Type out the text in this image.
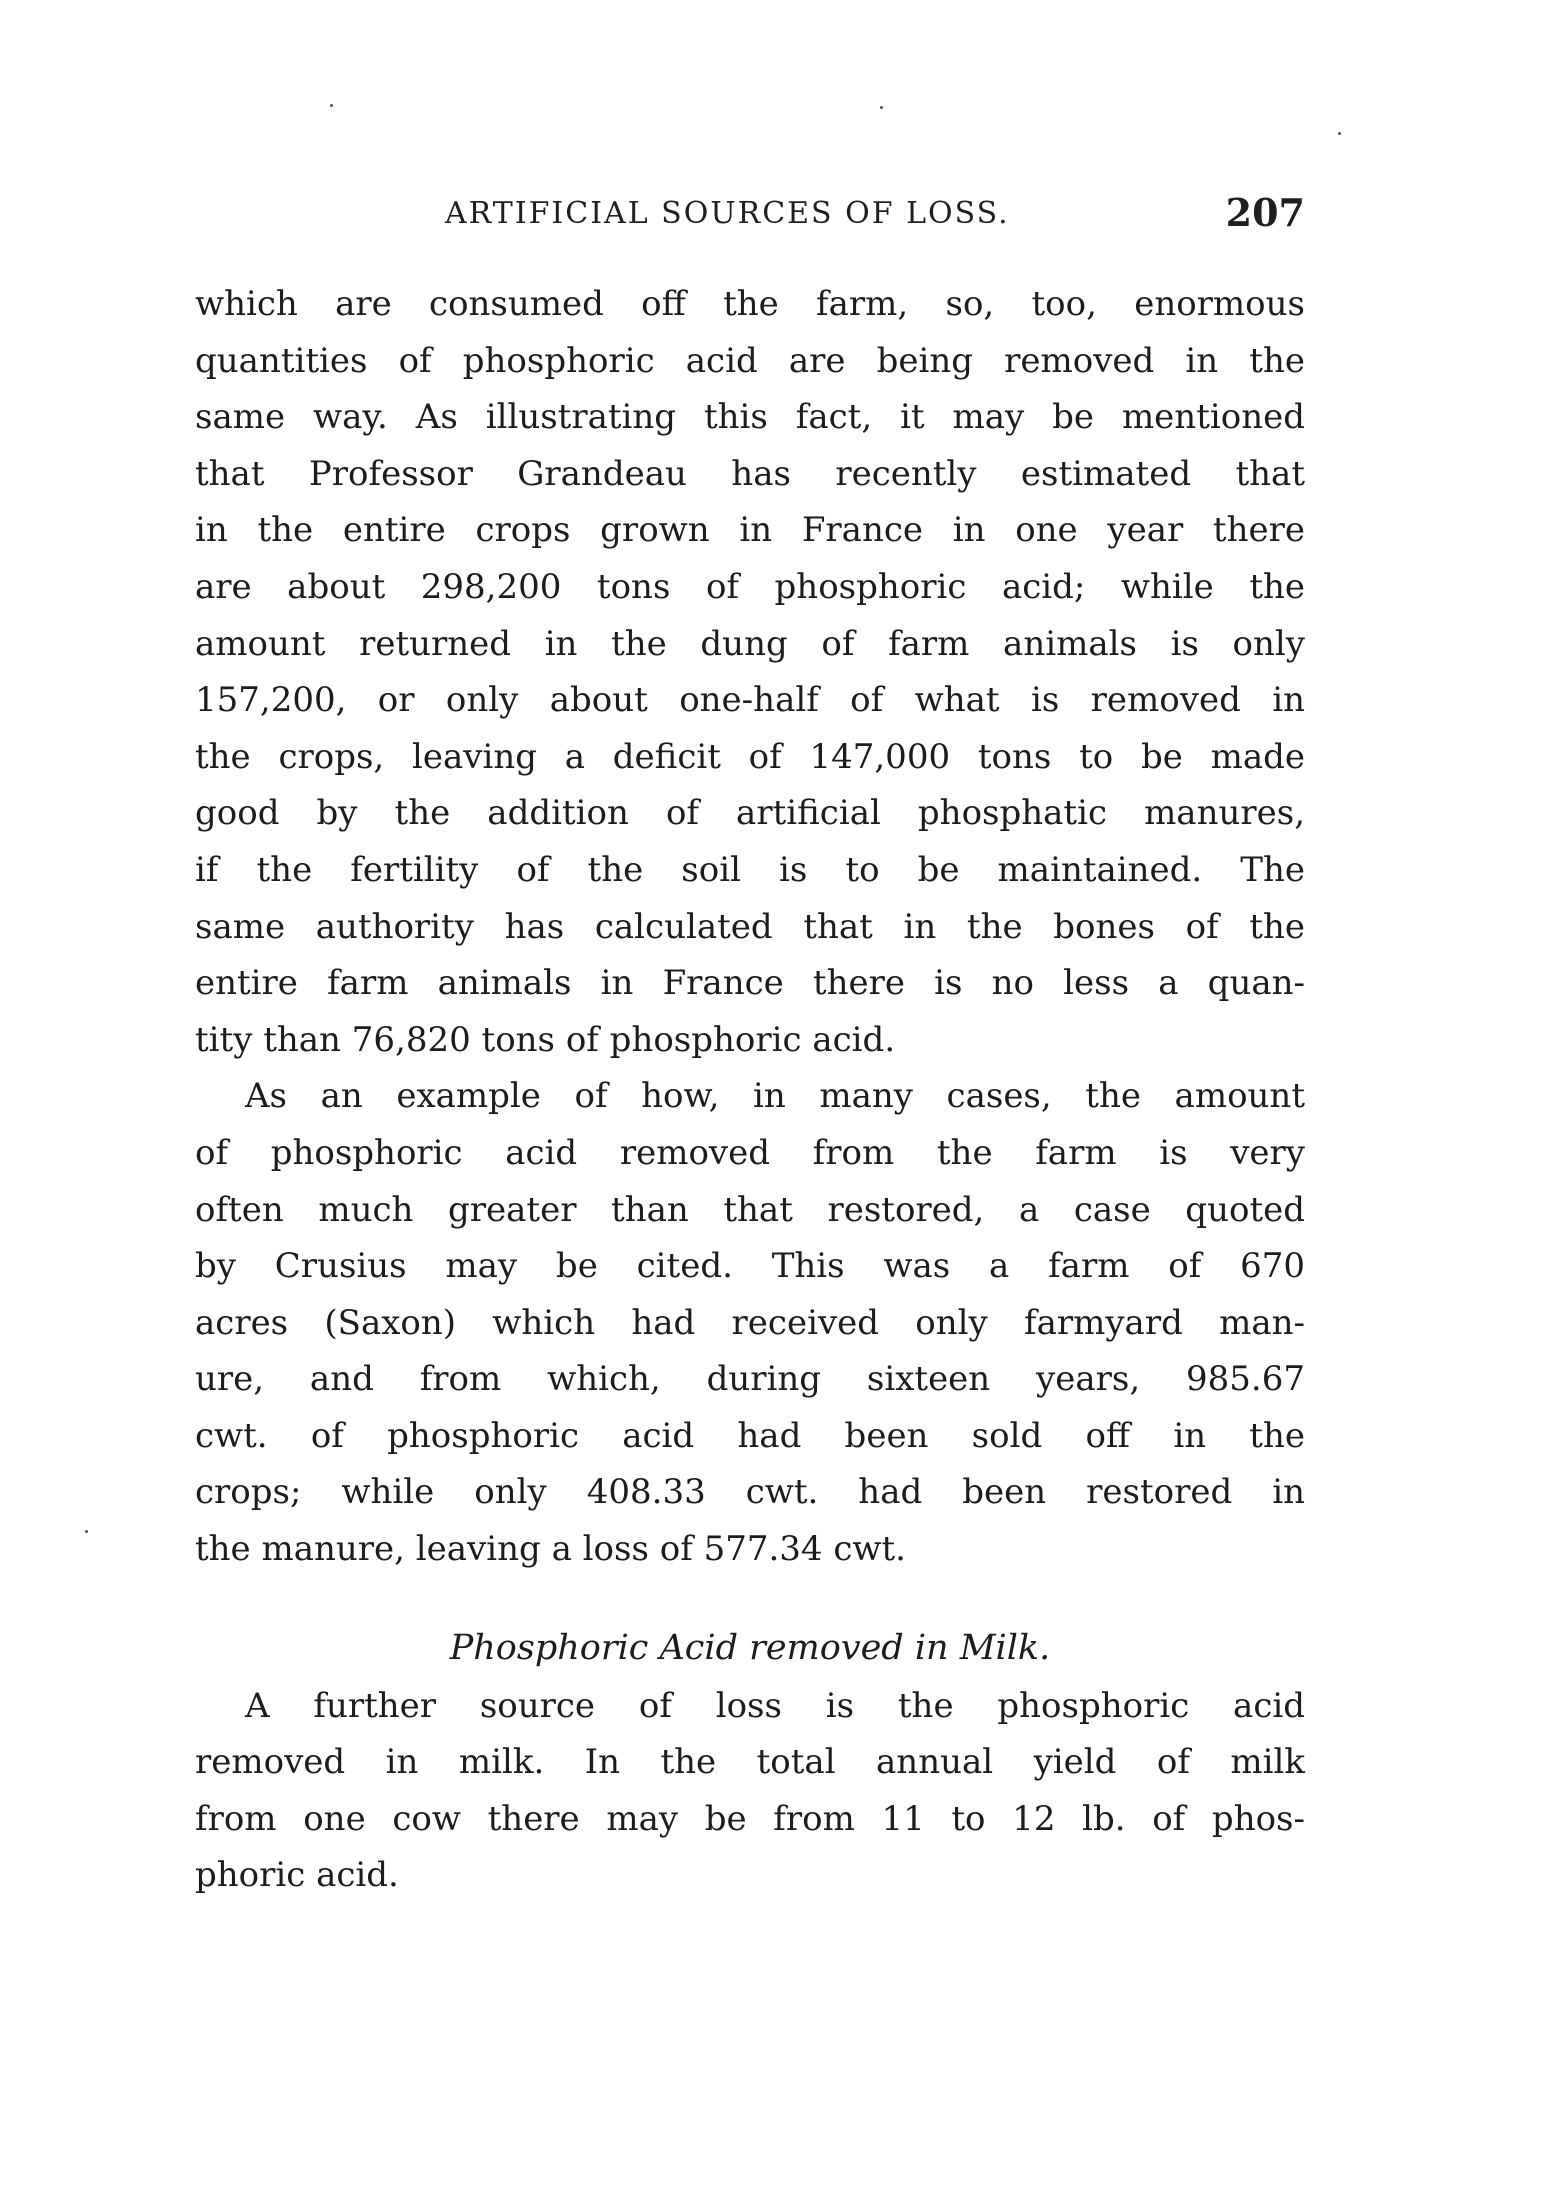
ARTIFICIAL SOURCES OF LOSS.	207
which are consumed off the farm, so, too, enormous
quantities of phosphoric acid are being removed in the
same way. As illustrating this fact, it may be mentioned
that Professor Grandeau has recently estimated that
in the entire crops grown in France in one year there
are about 298,200 tons of phosphoric acid; while the
amount returned in the dung of farm animals is only
157,200, or only about one-half of what is removed in
the crops, leaving a deficit of 147,000 tons to be made
good by the addition of artificial phosphatic manures,
if the fertility of the soil is to be maintained. The
same authority has calculated that in the bones of the
entire farm animals in France there is no less a quan-
tity than 76,820 tons of phosphoric acid.
As an example of how, in many cases, the amount
of phosphoric acid removed from the farm is very
often much greater than that restored, a case quoted
by Crusius may be cited. This was a farm of 670
acres (Saxon) which had received only farmyard man-
ure, and from which, during sixteen years, 985.67
cwt. of phosphoric acid had been sold off in the
crops; while only 408.33 cwt. had been restored in
the manure, leaving a loss of 577.34 cwt.
Phosphoric Acid removed in Milk.
A further source of loss is the phosphoric acid
removed in milk. In the total annual yield of milk
from one cow there may be from 11 to 12 lb. of phos-
phoric acid.
